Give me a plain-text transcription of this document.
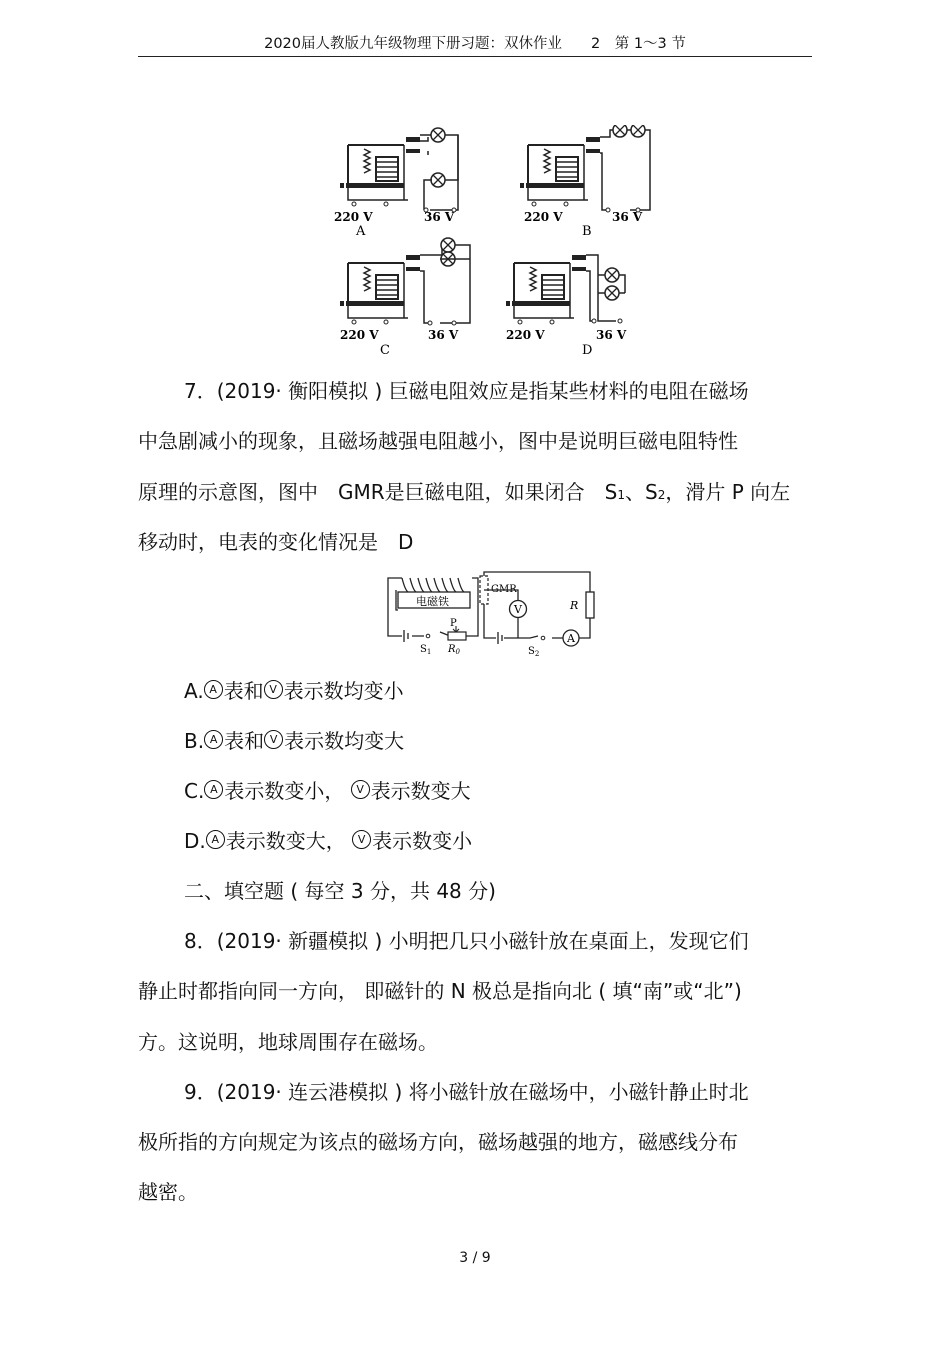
2020届人教版九年级物理下册习题：双休作业　　2　第 1～3 节
220 V	36 V
A
220 V	36 V
B
220 V	36 V
C
220 V	36 V
D
7．(2019· 衡阳模拟 ) 巨磁电阻效应是指某些材料的电阻在磁场
中急剧减小的现象，且磁场越强电阻越小，图中是说明巨磁电阻特性
原理的示意图，图中　GMR是巨磁电阻，如果闭合　S1、S2，滑片 P 向左
移动时，电表的变化情况是　D
电磁铁
P
$S_1$ $R_0$
GMR
V	R
A
$S_2$
A. A 表和 V 表示数均变小
B. A 表和 V 表示数均变大
C. A 表示数变小， V 表示数变大
D. A 表示数变大， V 表示数变小
二、填空题 ( 每空 3 分，共 48 分)
8．(2019· 新疆模拟 ) 小明把几只小磁针放在桌面上，发现它们
静止时都指向同一方向， 即磁针的 N 极总是指向北 ( 填“南”或“北”)
方。这说明，地球周围存在磁场。
9．(2019· 连云港模拟 ) 将小磁针放在磁场中，小磁针静止时北
极所指的方向规定为该点的磁场方向，磁场越强的地方，磁感线分布
越密。
3 / 9
